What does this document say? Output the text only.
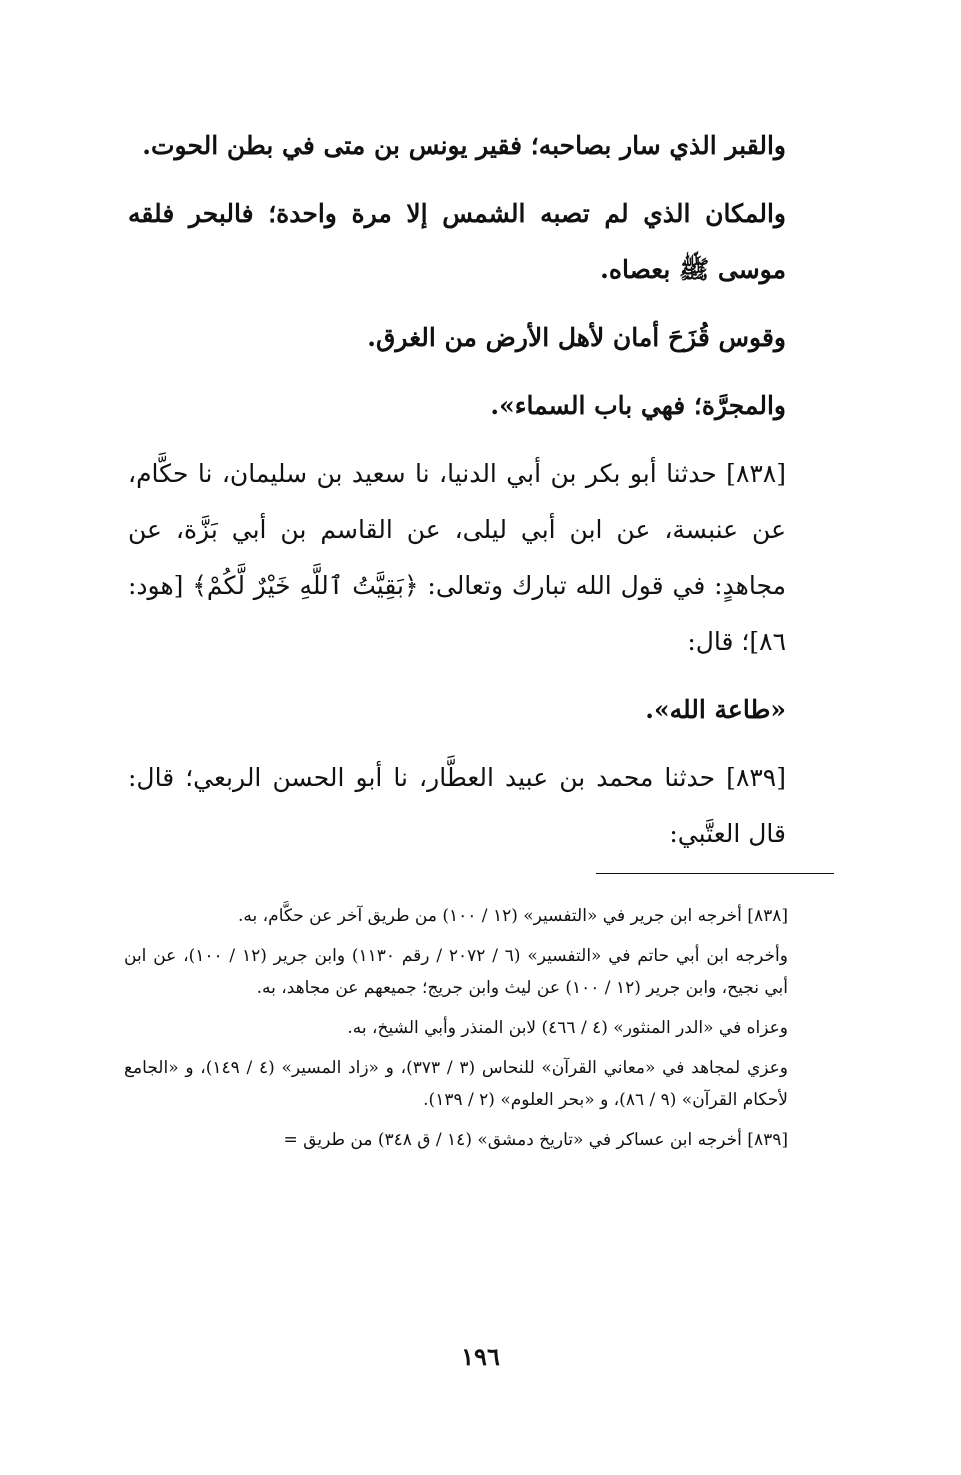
والقبر الذي سار بصاحبه؛ فقير يونس بن متى في بطن الحوت.

والمكان الذي لم تصبه الشمس إلا مرة واحدة؛ فالبحر فلقه موسى ﷺ بعصاه.

وقوس قُزَحَ أمان لأهل الأرض من الغرق.

والمجرَّة؛ فهي باب السماء».

[٨٣٨] حدثنا أبو بكر بن أبي الدنيا، نا سعيد بن سليمان، نا حكَّام، عن عنبسة، عن ابن أبي ليلى، عن القاسم بن أبي بَزَّة، عن مجاهدٍ: في قول الله تبارك وتعالى: ﴿بَقِيَّتُ ٱللَّهِ خَيْرٌ لَّكُمْ﴾ [هود: ٨٦]؛ قال:

«طاعة الله».

[٨٣٩] حدثنا محمد بن عبيد العطَّار، نا أبو الحسن الربعي؛ قال: قال العتَّبي:

[٨٣٨] أخرجه ابن جرير في «التفسير» (١٢ / ١٠٠) من طريق آخر عن حكَّام، به.

وأخرجه ابن أبي حاتم في «التفسير» (٦ / ٢٠٧٢ / رقم ١١٣٠) وابن جرير (١٢ / ١٠٠)، عن ابن أبي نجيح، وابن جرير (١٢ / ١٠٠) عن ليث وابن جريج؛ جميعهم عن مجاهد، به.

وعزاه في «الدر المنثور» (٤ / ٤٦٦) لابن المنذر وأبي الشيخ، به.

وعزي لمجاهد في «معاني القرآن» للنحاس (٣ / ٣٧٣)، و «زاد المسير» (٤ / ١٤٩)، و «الجامع لأحكام القرآن» (٩ / ٨٦)، و «بحر العلوم» (٢ / ١٣٩).

[٨٣٩] أخرجه ابن عساكر في «تاريخ دمشق» (١٤ / ق ٣٤٨) من طريق =

١٩٦
